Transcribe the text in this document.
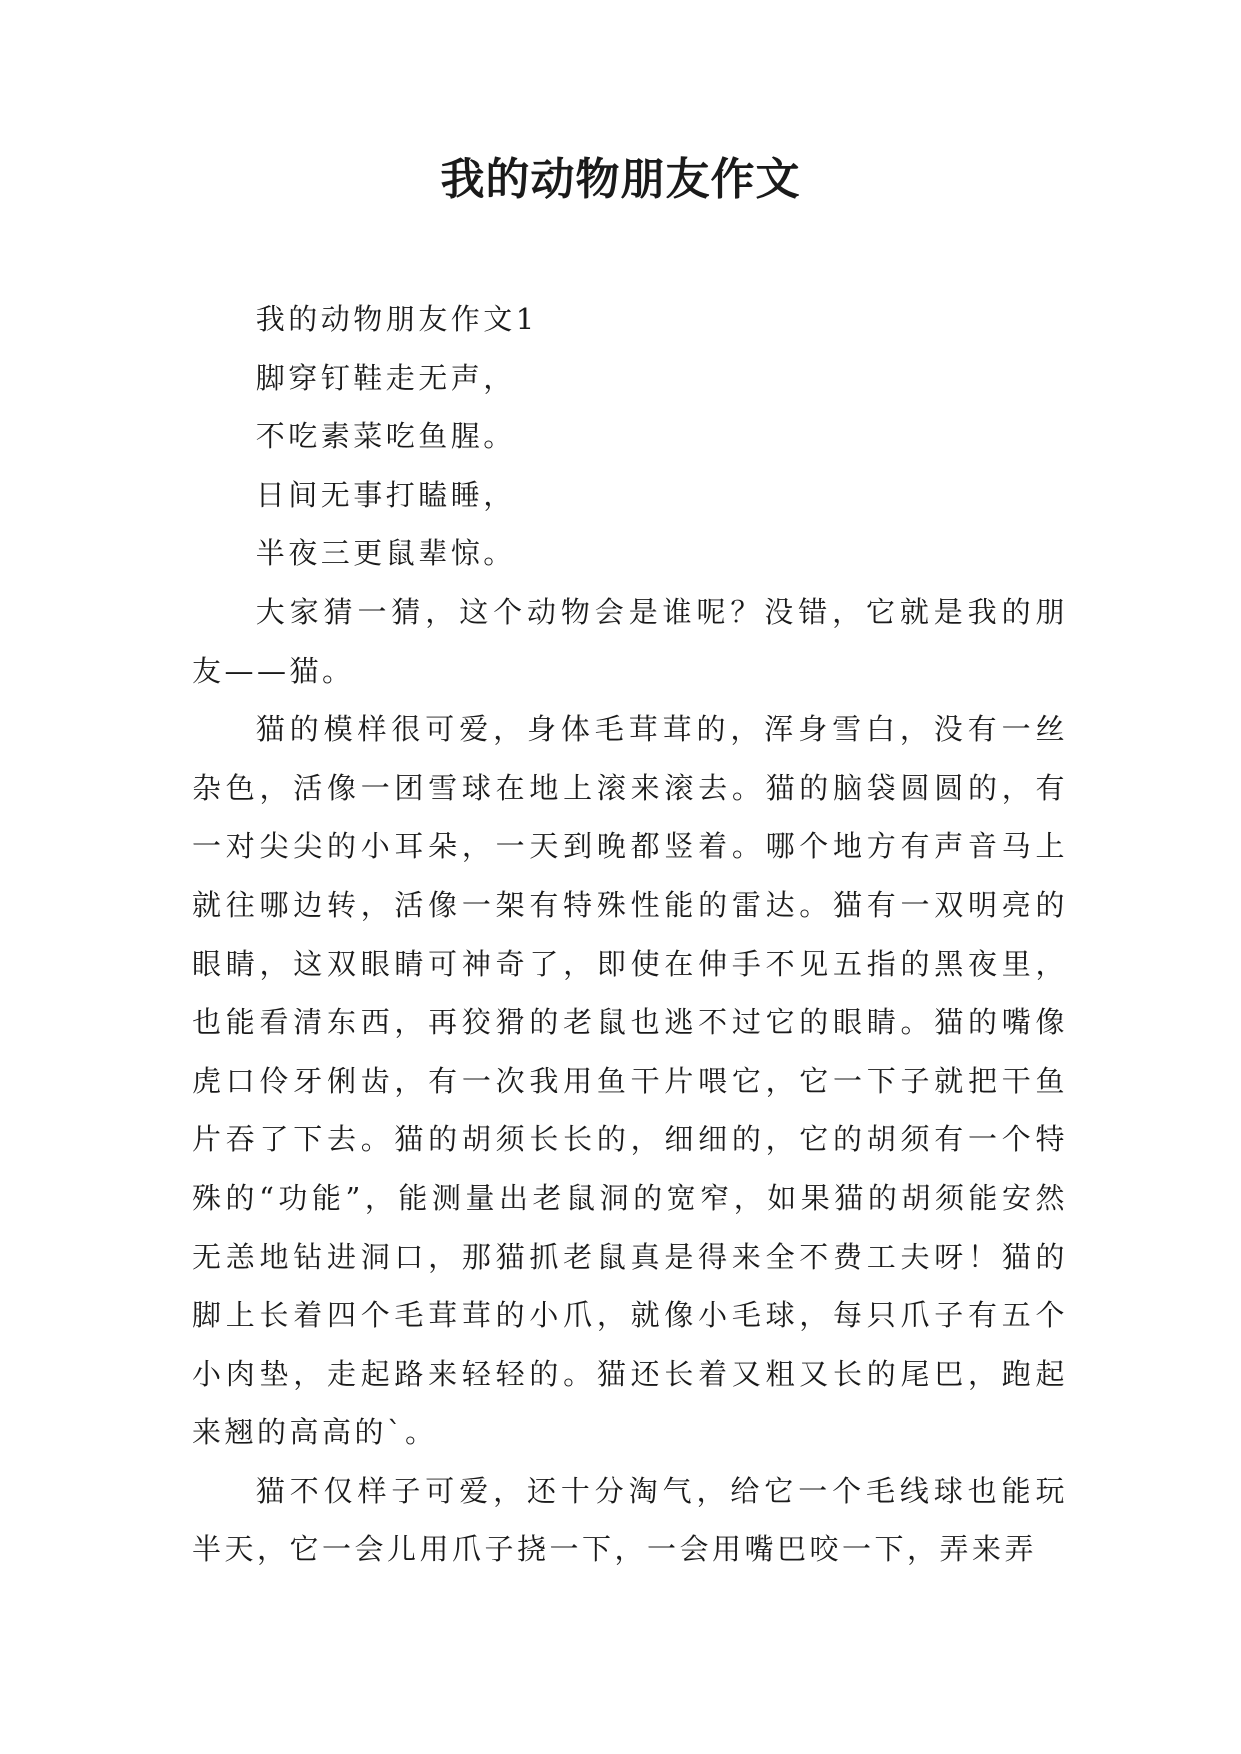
我的动物朋友作文

我的动物朋友作文1

脚穿钉鞋走无声，

不吃素菜吃鱼腥。

日间无事打瞌睡，

半夜三更鼠辈惊。

大家猜一猜，这个动物会是谁呢？没错，它就是我的朋友——猫。

猫的模样很可爱，身体毛茸茸的，浑身雪白，没有一丝杂色，活像一团雪球在地上滚来滚去。猫的脑袋圆圆的，有一对尖尖的小耳朵，一天到晚都竖着。哪个地方有声音马上就往哪边转，活像一架有特殊性能的雷达。猫有一双明亮的眼睛，这双眼睛可神奇了，即使在伸手不见五指的黑夜里，也能看清东西，再狡猾的老鼠也逃不过它的眼睛。猫的嘴像虎口伶牙俐齿，有一次我用鱼干片喂它，它一下子就把干鱼片吞了下去。猫的胡须长长的，细细的，它的胡须有一个特殊的“功能”，能测量出老鼠洞的宽窄，如果猫的胡须能安然无恙地钻进洞口，那猫抓老鼠真是得来全不费工夫呀！猫的脚上长着四个毛茸茸的小爪，就像小毛球，每只爪子有五个小肉垫，走起路来轻轻的。猫还长着又粗又长的尾巴，跑起来翘的高高的`。

猫不仅样子可爱，还十分淘气，给它一个毛线球也能玩半天，它一会儿用爪子挠一下，一会用嘴巴咬一下，弄来弄
